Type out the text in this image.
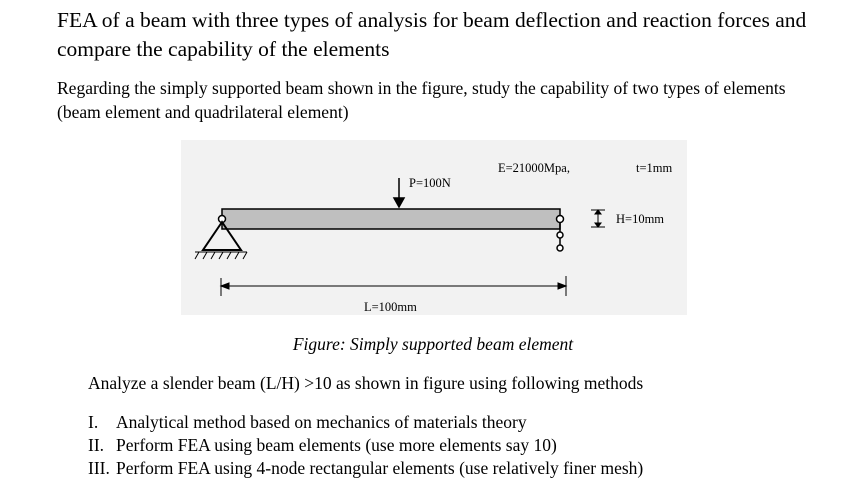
FEA of a beam with three types of analysis for beam deflection and reaction forces and compare the capability of the elements
Regarding the simply supported beam shown in the figure, study the capability of two types of elements (beam element and quadrilateral element)
E=21000Mpa,	t=1mm
P=100N
H=10mm
L=100mm
Figure: Simply supported beam element
Analyze a slender beam (L/H) >10 as shown in figure using following methods
I.	Analytical method based on mechanics of materials theory
II. Perform FEA using beam elements (use more elements say 10)
III. Perform FEA using 4-node rectangular elements (use relatively finer mesh)
